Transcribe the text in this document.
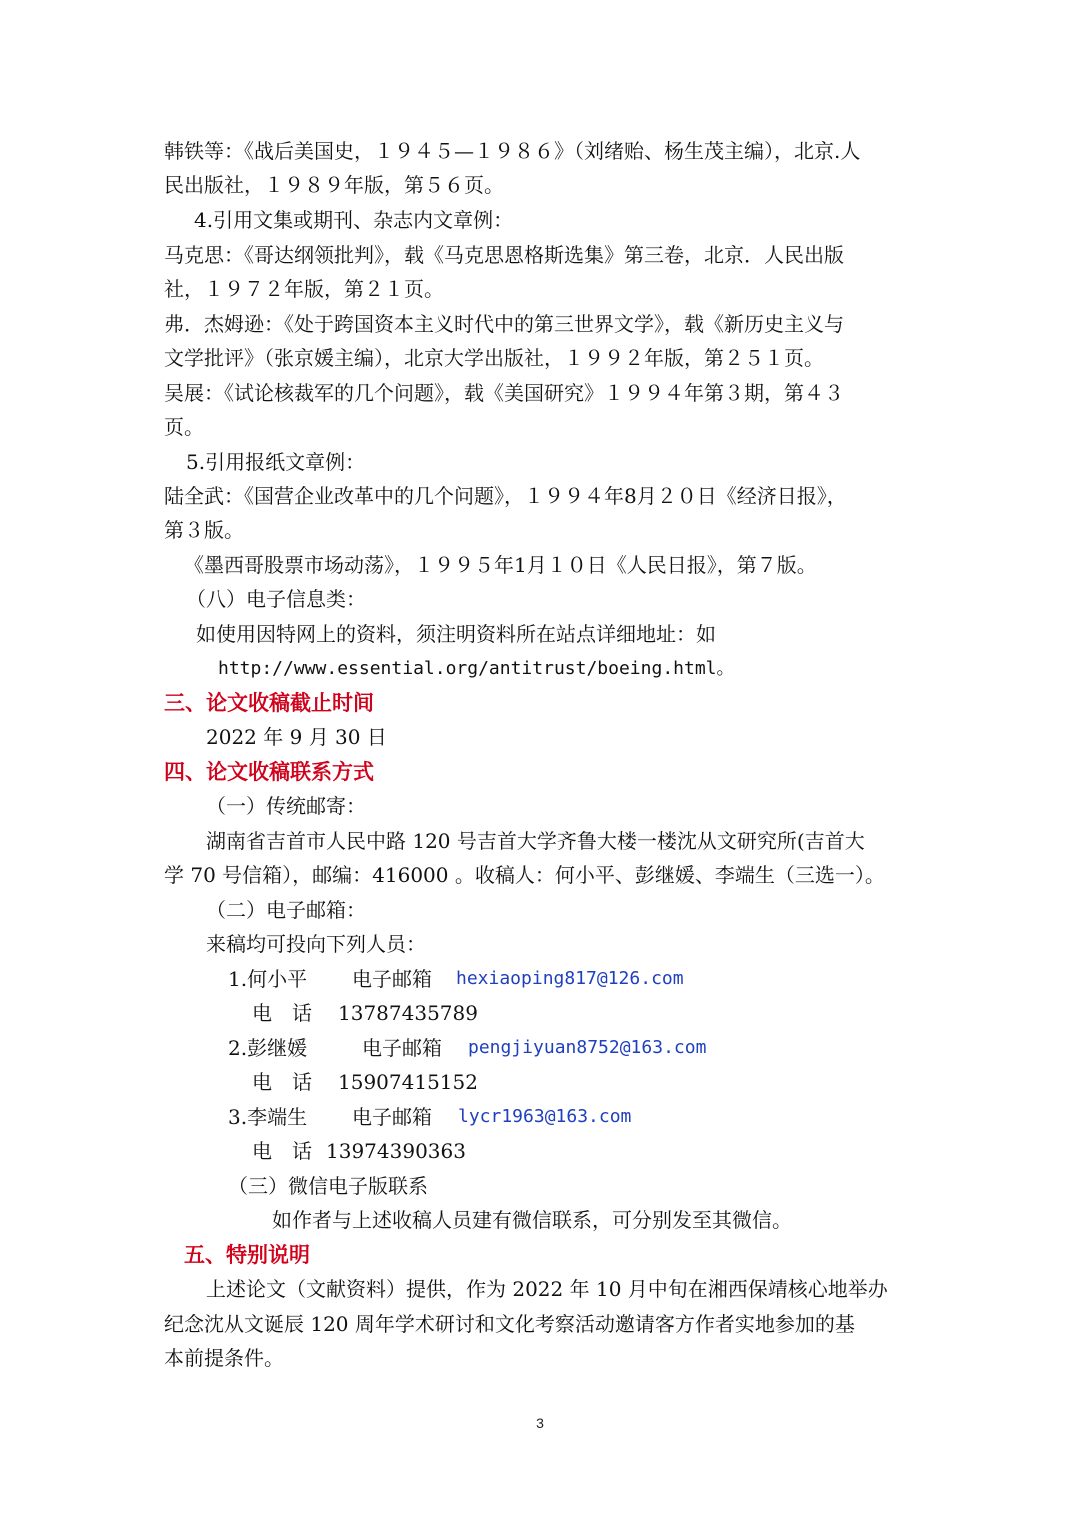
韩铁等：《战后美国史，１９４５—１９８６》（刘绪贻、杨生茂主编），北京.人
民出版社，１９８９年版，第５６页。
4.引用文集或期刊、杂志内文章例：
马克思：《哥达纲领批判》，载《马克思恩格斯选集》第三卷，北京．人民出版
社，１９７２年版，第２１页。
弗．杰姆逊：《处于跨国资本主义时代中的第三世界文学》，载《新历史主义与
文学批评》（张京媛主编），北京大学出版社，１９９２年版，第２５１页。
吴展：《试论核裁军的几个问题》，载《美国研究》１９９４年第３期，第４３
页。
5.引用报纸文章例：
陆全武：《国营企业改革中的几个问题》，１９９４年8月２０日《经济日报》，
第３版。
《墨西哥股票市场动荡》，１９９５年1月１０日《人民日报》，第７版。
（八）电子信息类：
如使用因特网上的资料，须注明资料所在站点详细地址：如
http://www.essential.org/antitrust/boeing.html。
三、论文收稿截止时间
2022 年 9 月 30 日
四、论文收稿联系方式
（一）传统邮寄：
湖南省吉首市人民中路 120 号吉首大学齐鲁大楼一楼沈从文研究所(吉首大
学 70 号信箱），邮编：416000 。收稿人：何小平、彭继媛、李端生（三选一）。
（二）电子邮箱：
来稿均可投向下列人员：
1.何小平	电子邮箱	hexiaoping817@126.com
电　话	13787435789
2.彭继媛	电子邮箱	pengjiyuan8752@163.com
电　话	15907415152
3.李端生	电子邮箱	lycr1963@163.com
电　话 13974390363
（三）微信电子版联系
如作者与上述收稿人员建有微信联系，可分别发至其微信。
五、特别说明
上述论文（文献资料）提供，作为 2022 年 10 月中旬在湘西保靖核心地举办
纪念沈从文诞辰 120 周年学术研讨和文化考察活动邀请客方作者实地参加的基
本前提条件。
3
